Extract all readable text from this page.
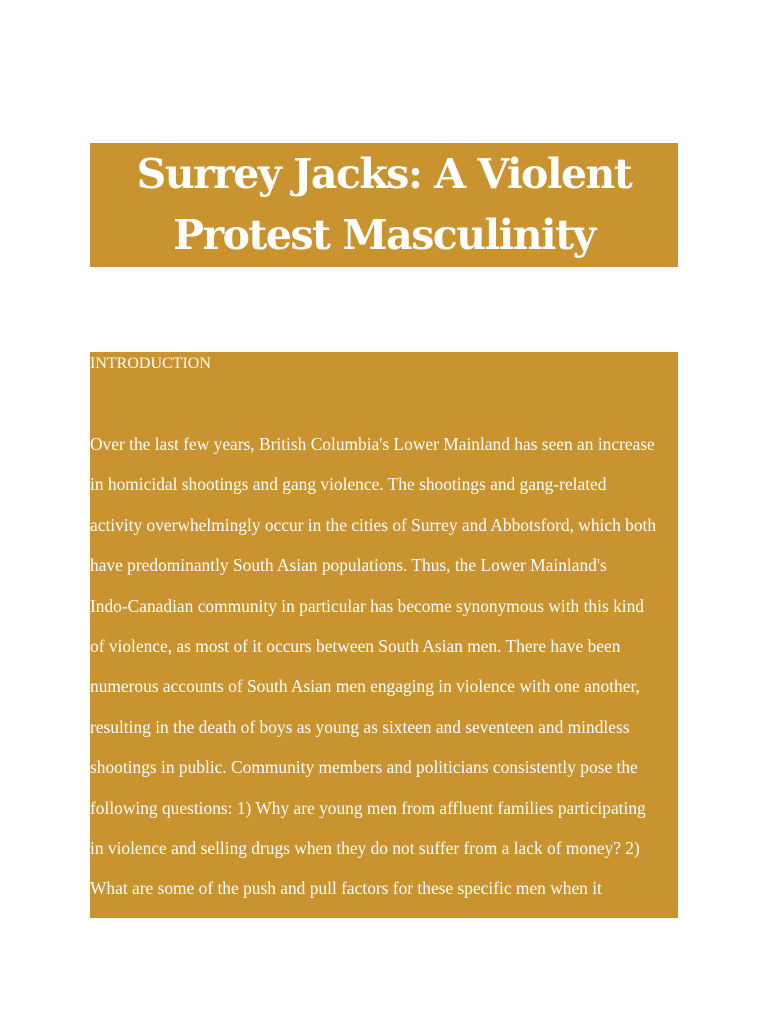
Surrey Jacks: A Violent
Protest Masculinity
INTRODUCTION
Over the last few years, British Columbia's Lower Mainland has seen an increase
in homicidal shootings and gang violence. The shootings and gang-related
activity overwhelmingly occur in the cities of Surrey and Abbotsford, which both
have predominantly South Asian populations. Thus, the Lower Mainland's
Indo-Canadian community in particular has become synonymous with this kind
of violence, as most of it occurs between South Asian men. There have been
numerous accounts of South Asian men engaging in violence with one another,
resulting in the death of boys as young as sixteen and seventeen and mindless
shootings in public. Community members and politicians consistently pose the
following questions: 1) Why are young men from affluent families participating
in violence and selling drugs when they do not suffer from a lack of money? 2)
What are some of the push and pull factors for these specific men when it
